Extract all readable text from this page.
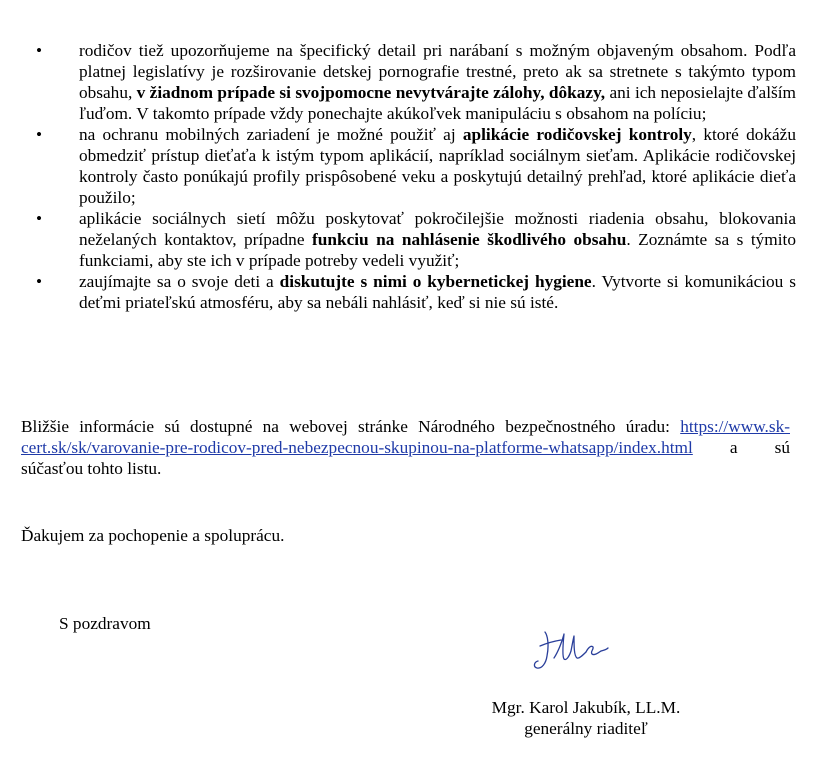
•	rodičov tiež upozorňujeme na špecifický detail pri narábaní s možným objaveným obsahom. Podľa platnej legislatívy je rozširovanie detskej pornografie trestné, preto ak sa stretnete s takýmto typom obsahu, v žiadnom prípade si svojpomocne nevytvárajte zálohy, dôkazy, ani ich neposielajte ďalším ľuďom. V takomto prípade vždy ponechajte akúkoľvek manipuláciu s obsahom na políciu;
•	na ochranu mobilných zariadení je možné použiť aj aplikácie rodičovskej kontroly, ktoré dokážu obmedziť prístup dieťaťa k istým typom aplikácií, napríklad sociálnym sieťam. Aplikácie rodičovskej kontroly často ponúkajú profily prispôsobené veku a poskytujú detailný prehľad, ktoré aplikácie dieťa použilo;
•	aplikácie sociálnych sietí môžu poskytovať pokročilejšie možnosti riadenia obsahu, blokovania neželaných kontaktov, prípadne funkciu na nahlásenie škodlivého obsahu. Zoznámte sa s týmito funkciami, aby ste ich v prípade potreby vedeli využiť;
•	zaujímajte sa o svoje deti a diskutujte s nimi o kybernetickej hygiene. Vytvorte si komunikáciou s deťmi priateľskú atmosféru, aby sa nebáli nahlásiť, keď si nie sú isté.

Bližšie informácie sú dostupné na webovej stránke Národného bezpečnostného úradu: https://www.sk-cert.sk/sk/varovanie-pre-rodicov-pred-nebezpecnou-skupinou-na-platforme-whatsapp/index.html a sú súčasťou tohto listu.

Ďakujem za pochopenie a spoluprácu.

S pozdravom

Mgr. Karol Jakubík, LL.M.
generálny riaditeľ
